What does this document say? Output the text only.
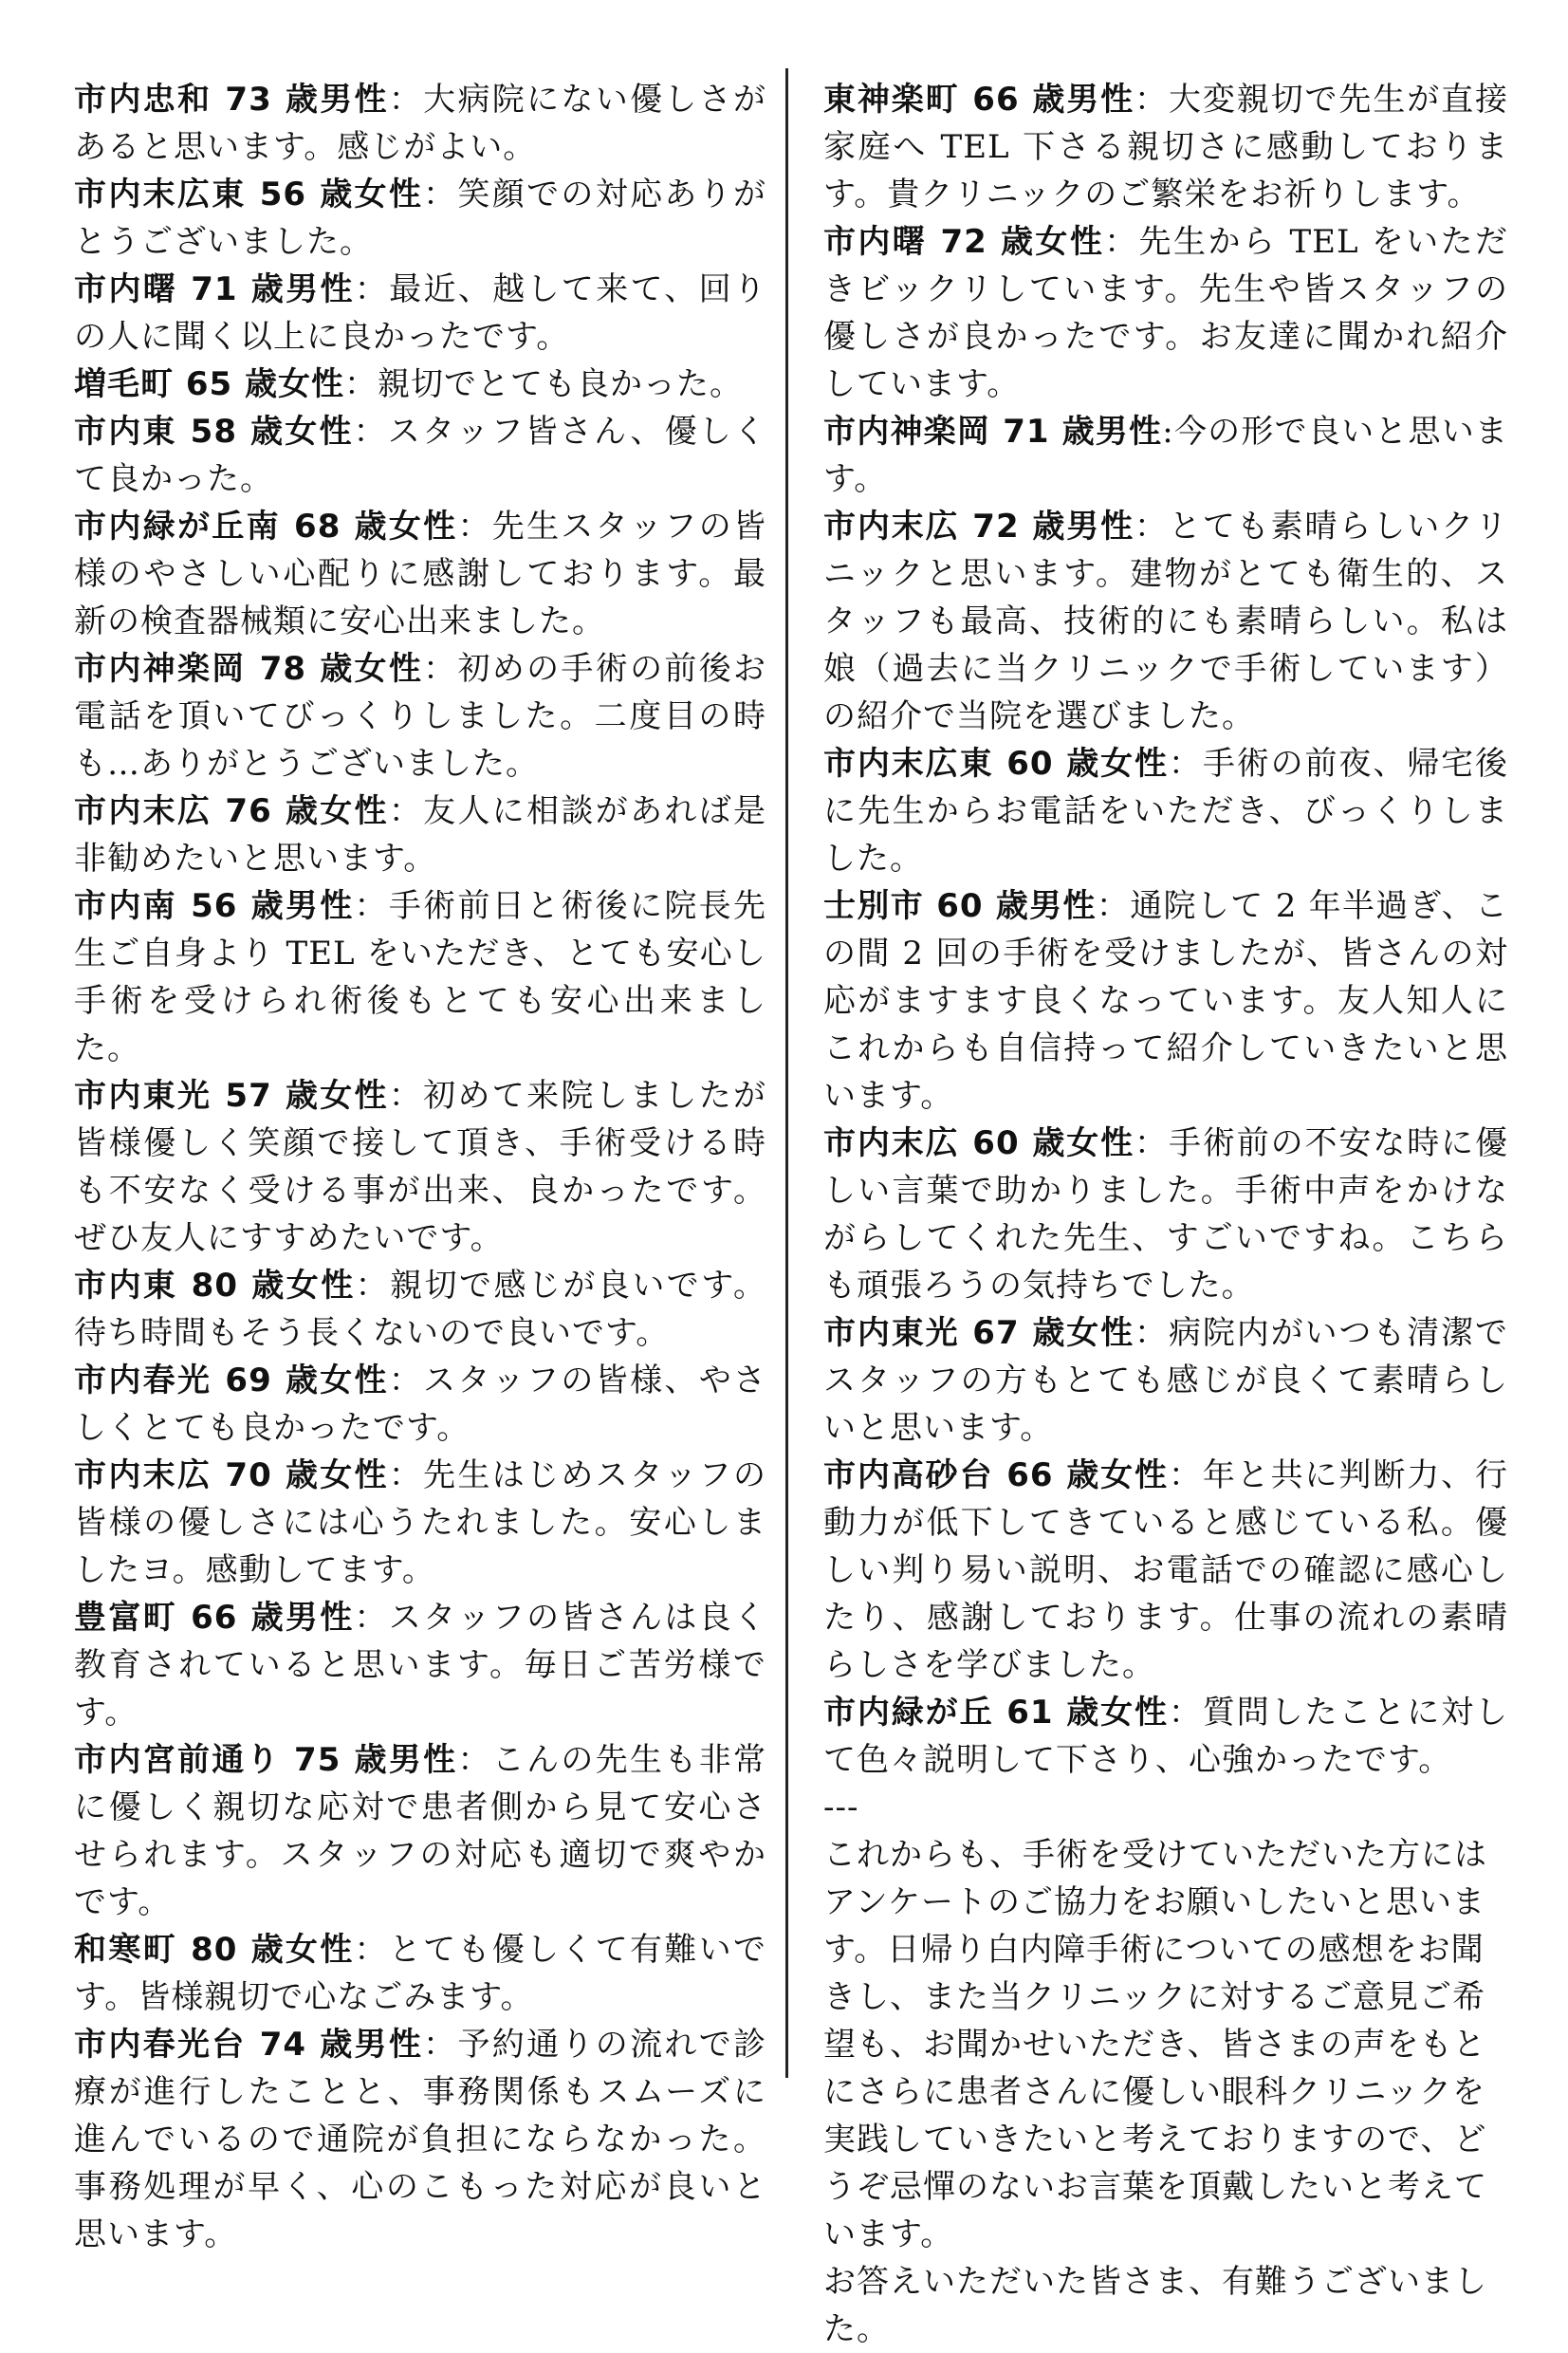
市内忠和 73 歳男性：大病院にない優しさがあると思います。感じがよい。

市内末広東 56 歳女性：笑顔での対応ありがとうございました。

市内曙 71 歳男性：最近、越して来て、回りの人に聞く以上に良かったです。

増毛町 65 歳女性：親切でとても良かった。

市内東 58 歳女性：スタッフ皆さん、優しくて良かった。

市内緑が丘南 68 歳女性：先生スタッフの皆様のやさしい心配りに感謝しております。最新の検査器械類に安心出来ました。

市内神楽岡 78 歳女性：初めの手術の前後お電話を頂いてびっくりしました。二度目の時も…ありがとうございました。

市内末広 76 歳女性：友人に相談があれば是非勧めたいと思います。

市内南 56 歳男性：手術前日と術後に院長先生ご自身より TEL をいただき、とても安心し手術を受けられ術後もとても安心出来ました。

市内東光 57 歳女性：初めて来院しましたが皆様優しく笑顔で接して頂き、手術受ける時も不安なく受ける事が出来、良かったです。ぜひ友人にすすめたいです。

市内東 80 歳女性：親切で感じが良いです。待ち時間もそう長くないので良いです。

市内春光 69 歳女性：スタッフの皆様、やさしくとても良かったです。

市内末広 70 歳女性：先生はじめスタッフの皆様の優しさには心うたれました。安心しましたヨ。感動してます。

豊富町 66 歳男性：スタッフの皆さんは良く教育されていると思います。毎日ご苦労様です。

市内宮前通り 75 歳男性：こんの先生も非常に優しく親切な応対で患者側から見て安心させられます。スタッフの対応も適切で爽やかです。

和寒町 80 歳女性：とても優しくて有難いです。皆様親切で心なごみます。

市内春光台 74 歳男性：予約通りの流れで診療が進行したことと、事務関係もスムーズに進んでいるので通院が負担にならなかった。事務処理が早く、心のこもった対応が良いと思います。

東神楽町 66 歳男性：大変親切で先生が直接家庭へ TEL 下さる親切さに感動しております。貴クリニックのご繁栄をお祈りします。

市内曙 72 歳女性：先生から TEL をいただきビックリしています。先生や皆スタッフの優しさが良かったです。お友達に聞かれ紹介しています。

市内神楽岡 71 歳男性:今の形で良いと思います。

市内末広 72 歳男性：とても素晴らしいクリニックと思います。建物がとても衛生的、スタッフも最高、技術的にも素晴らしい。私は娘（過去に当クリニックで手術しています）の紹介で当院を選びました。

市内末広東 60 歳女性：手術の前夜、帰宅後に先生からお電話をいただき、びっくりしました。

士別市 60 歳男性：通院して 2 年半過ぎ、この間 2 回の手術を受けましたが、皆さんの対応がますます良くなっています。友人知人にこれからも自信持って紹介していきたいと思います。

市内末広 60 歳女性：手術前の不安な時に優しい言葉で助かりました。手術中声をかけながらしてくれた先生、すごいですね。こちらも頑張ろうの気持ちでした。

市内東光 67 歳女性：病院内がいつも清潔でスタッフの方もとても感じが良くて素晴らしいと思います。

市内高砂台 66 歳女性：年と共に判断力、行動力が低下してきていると感じている私。優しい判り易い説明、お電話での確認に感心したり、感謝しております。仕事の流れの素晴らしさを学びました。

市内緑が丘 61 歳女性：質問したことに対して色々説明して下さり、心強かったです。

---

これからも、手術を受けていただいた方にはアンケートのご協力をお願いしたいと思います。日帰り白内障手術についての感想をお聞きし、また当クリニックに対するご意見ご希望も、お聞かせいただき、皆さまの声をもとにさらに患者さんに優しい眼科クリニックを実践していきたいと考えておりますので、どうぞ忌憚のないお言葉を頂戴したいと考えています。

お答えいただいた皆さま、有難うございました。
